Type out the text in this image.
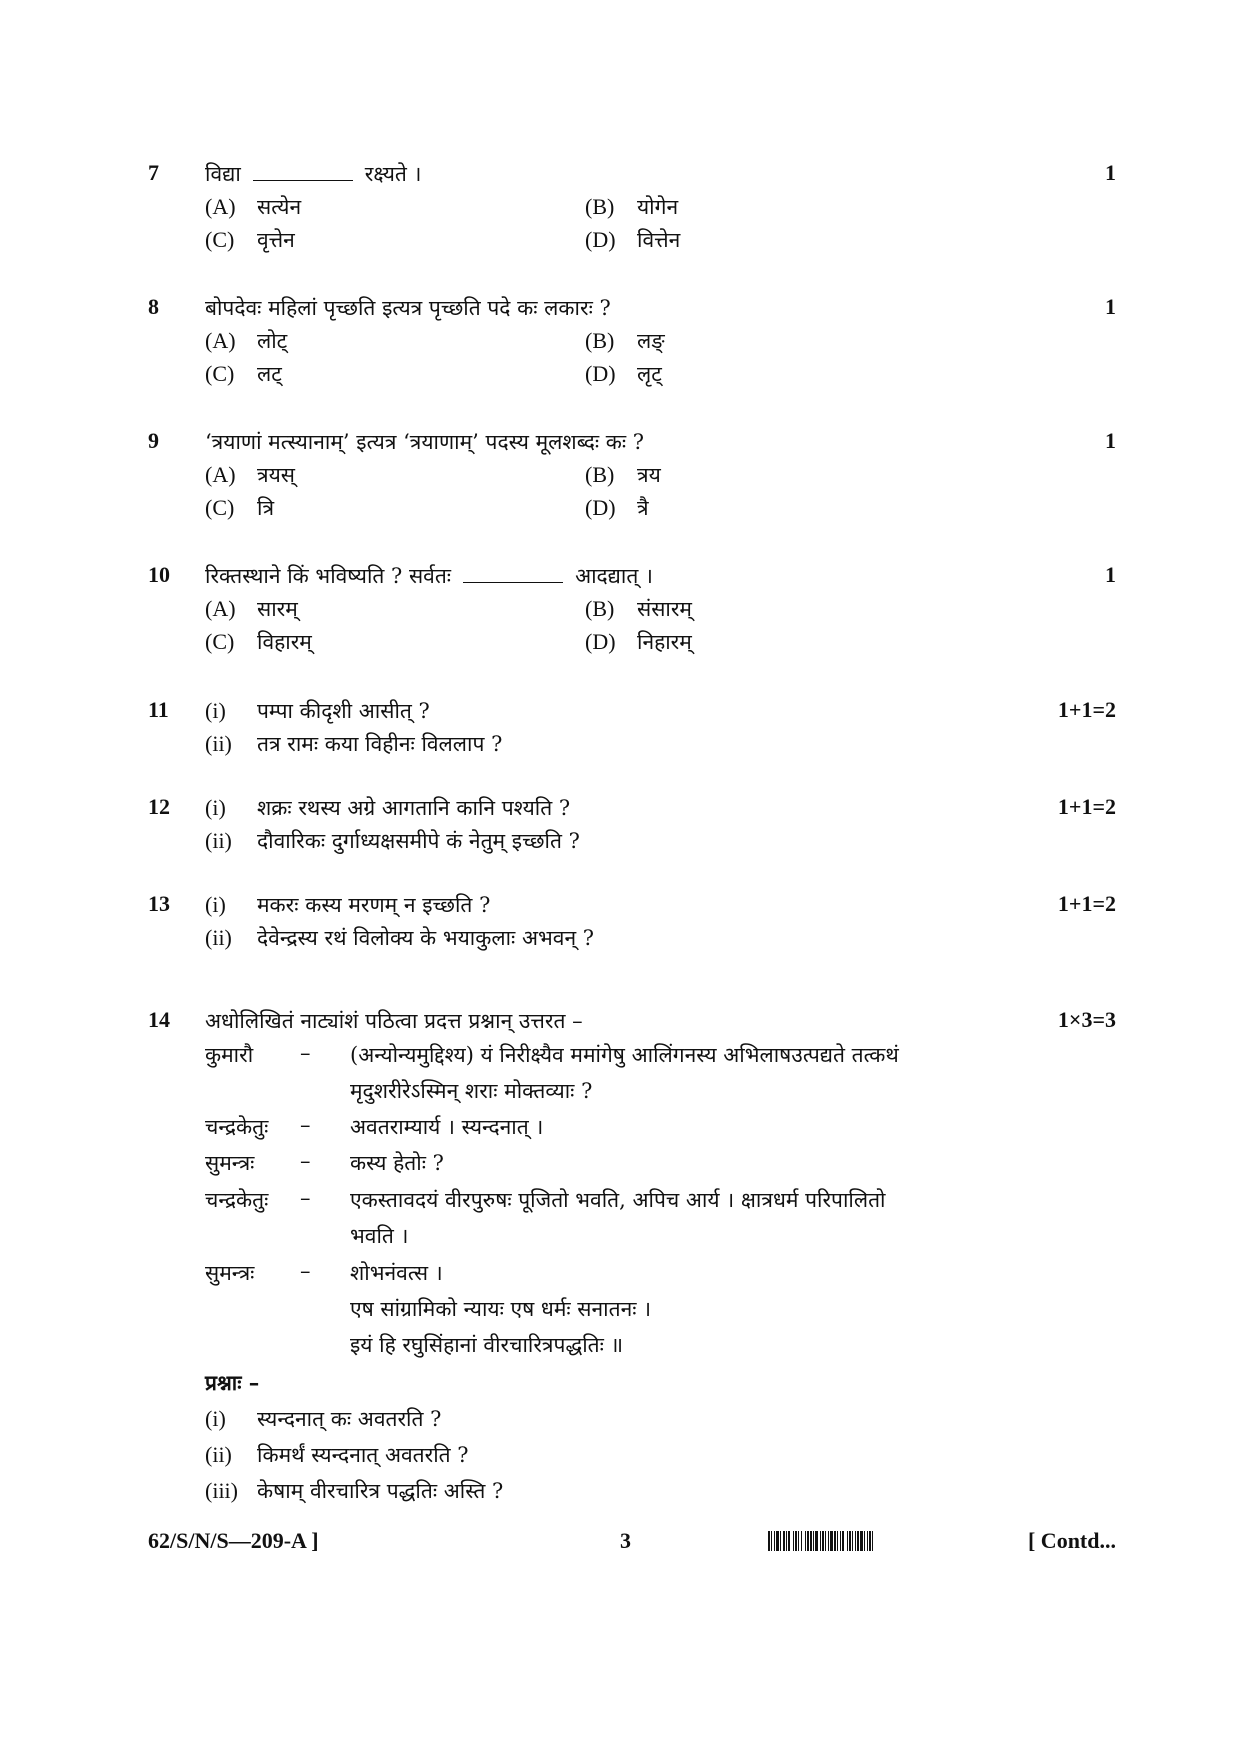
7 विद्या	रक्ष्यते ।	1
(A) सत्येन	(B) योगेन
(C) वृत्तेन	(D) वित्तेन
8 बोपदेवः महिलां पृच्छति इत्यत्र पृच्छति पदे कः लकारः ?	1
(A) लोट्	(B) लङ्
(C) लट्	(D) लृट्
9 ‘त्रयाणां मत्स्यानाम्’ इत्यत्र ‘त्रयाणाम्’ पदस्य मूलशब्दः कः ?	1
(A) त्रयस्	(B) त्रय
(C) त्रि	(D) त्रै
10 रिक्तस्थाने किं भविष्यति ? सर्वतः	आदद्यात् ।	1
(A) सारम्	(B) संसारम्
(C) विहारम्	(D) निहारम्
11 (i) पम्पा कीदृशी आसीत् ?	1+1=2
(ii) तत्र रामः कया विहीनः विललाप ?
12 (i) शक्रः रथस्य अग्रे आगतानि कानि पश्यति ?	1+1=2
(ii) दौवारिकः दुर्गाध्यक्षसमीपे कं नेतुम् इच्छति ?
13 (i) मकरः कस्य मरणम् न इच्छति ?	1+1=2
(ii) देवेन्द्रस्य रथं विलोक्य के भयाकुलाः अभवन् ?
14 अधोलिखितं नाट्यांशं पठित्वा प्रदत्त प्रश्नान् उत्तरत –	1×3=3
कुमारौ – (अन्योन्यमुद्दिश्य) यं निरीक्ष्यैव ममांगेषु आलिंगनस्य अभिलाषउत्पद्यते तत्कथं
मृदुशरीरेऽस्मिन् शराः मोक्तव्याः ?
चन्द्रकेतुः – अवतराम्यार्य । स्यन्दनात् ।
सुमन्त्रः – कस्य हेतोः ?
चन्द्रकेतुः – एकस्तावदयं वीरपुरुषः पूजितो भवति, अपिच आर्य । क्षात्रधर्म परिपालितो
भवति ।
सुमन्त्रः – शोभनंवत्स ।
एष सांग्रामिको न्यायः एष धर्मः सनातनः ।
इयं हि रघुसिंहानां वीरचारित्रपद्धतिः ॥
प्रश्नाः –
(i) स्यन्दनात् कः अवतरति ?
(ii) किमर्थं स्यन्दनात् अवतरति ?
(iii) केषाम् वीरचारित्र पद्धतिः अस्ति ?
62/S/N/S—209-A ]	3	[ Contd...
